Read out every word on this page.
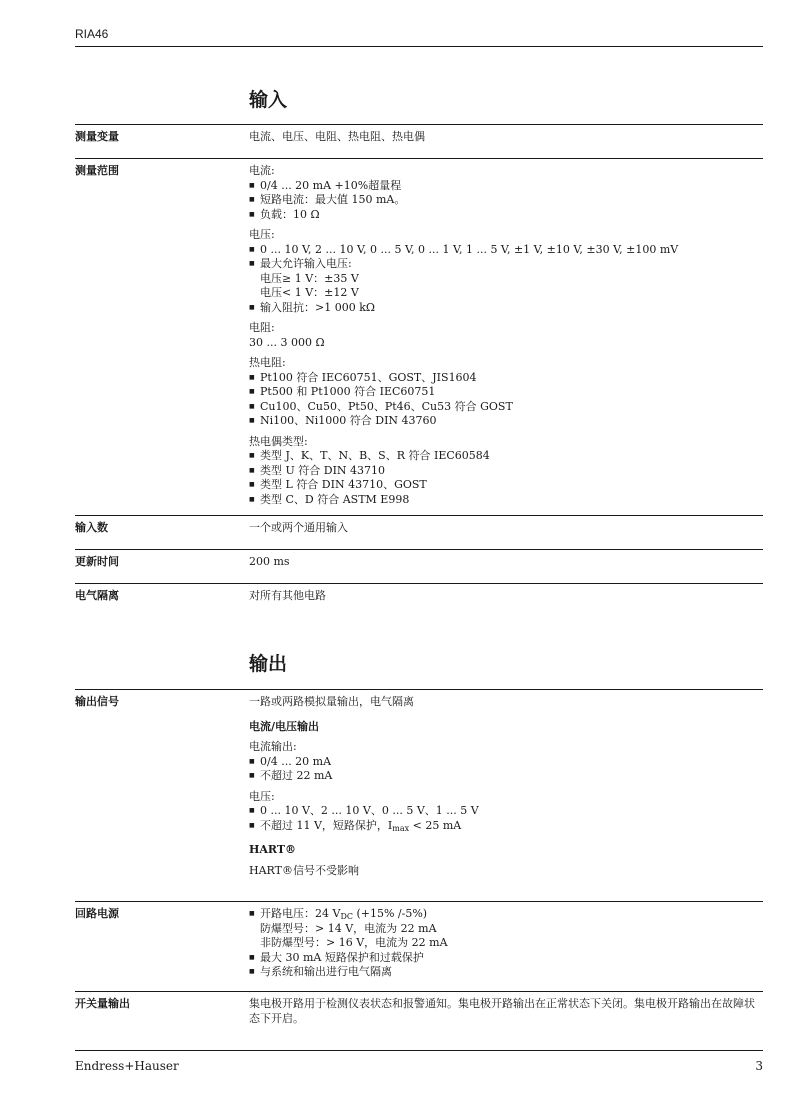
RIA46
输入
测量变量	电流、电压、电阻、热电阻、热电偶
测量范围	电流:
■ 0/4 ... 20 mA +10%超量程
■ 短路电流：最大值 150 mA。
■ 负载：10 Ω
电压:
■ 0 ... 10 V, 2 ... 10 V, 0 ... 5 V, 0 ... 1 V, 1 ... 5 V, ±1 V, ±10 V, ±30 V, ±100 mV
■ 最大允许输入电压:
电压≥ 1 V：±35 V
电压< 1 V：±12 V
■ 输入阻抗：>1 000 kΩ
电阻:
30 ... 3 000 Ω
热电阻:
■ Pt100 符合 IEC60751、GOST、JIS1604
■ Pt500 和 Pt1000 符合 IEC60751
■ Cu100、Cu50、Pt50、Pt46、Cu53 符合 GOST
■ Ni100、Ni1000 符合 DIN 43760
热电偶类型:
■ 类型 J、K、T、N、B、S、R 符合 IEC60584
■ 类型 U 符合 DIN 43710
■ 类型 L 符合 DIN 43710、GOST
■ 类型 C、D 符合 ASTM E998
输入数	一个或两个通用输入
更新时间	200 ms
电气隔离	对所有其他电路
输出
输出信号	一路或两路模拟量输出，电气隔离
电流/电压输出
电流输出:
■ 0/4 ... 20 mA
■ 不超过 22 mA
电压:
■ 0 ... 10 V、2 ... 10 V、0 ... 5 V、1 ... 5 V
■ 不超过 11 V，短路保护，$I_{max} < 25$ mA
HART®
HART®信号不受影响
回路电源
■	开路电压：24 $V_{DC}$ (+15% /-5%)
防爆型号：> 14 V，电流为 22 mA
非防爆型号：> 16 V，电流为 22 mA
■ 最大 30 mA 短路保护和过载保护
■ 与系统和输出进行电气隔离
开关量输出	集电极开路用于检测仪表状态和报警通知。集电极开路输出在正常状态下关闭。集电极开路输出在故障状态下开启。
Endress+Hauser	3
